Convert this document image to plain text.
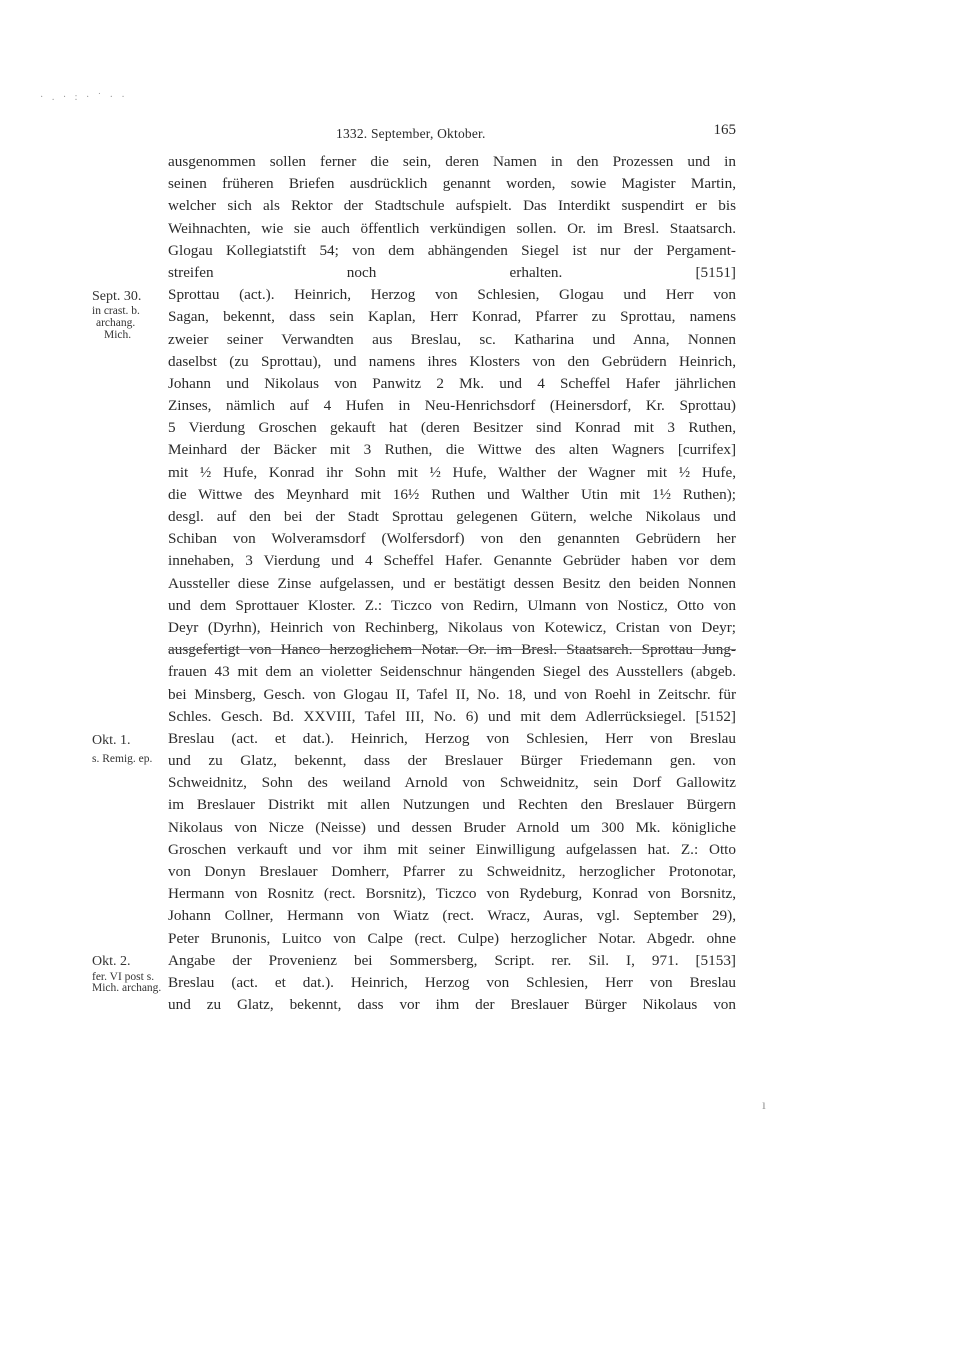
· . · : · ˙ · ·
1332. September, Oktober.	165
Sept. 30.
in crast. b.
archang.
Mich.
Okt. 1.
s. Remig. ep.
Okt. 2.
fer. VI post s.
Mich. archang.
ausgenommen sollen ferner die sein, deren Namen in den Prozessen und in
seinen früheren Briefen ausdrücklich genannt worden, sowie Magister Martin,
welcher sich als Rektor der Stadtschule aufspielt. Das Interdikt suspendirt er bis
Weihnachten, wie sie auch öffentlich verkündigen sollen. Or. im Bresl. Staatsarch.
Glogau Kollegiatstift 54; von dem abhängenden Siegel ist nur der Pergament-
streifen noch erhalten. [5151]
Sprottau (act.). Heinrich, Herzog von Schlesien, Glogau und Herr von
Sagan, bekennt, dass sein Kaplan, Herr Konrad, Pfarrer zu Sprottau, namens
zweier seiner Verwandten aus Breslau, sc. Katharina und Anna, Nonnen
daselbst (zu Sprottau), und namens ihres Klosters von den Gebrüdern Heinrich,
Johann und Nikolaus von Panwitz 2 Mk. und 4 Scheffel Hafer jährlichen
Zinses, nämlich auf 4 Hufen in Neu-Henrichsdorf (Heinersdorf, Kr. Sprottau)
5 Vierdung Groschen gekauft hat (deren Besitzer sind Konrad mit 3 Ruthen,
Meinhard der Bäcker mit 3 Ruthen, die Wittwe des alten Wagners [currifex]
mit ½ Hufe, Konrad ihr Sohn mit ½ Hufe, Walther der Wagner mit ½ Hufe,
die Wittwe des Meynhard mit 16½ Ruthen und Walther Utin mit 1½ Ruthen);
desgl. auf den bei der Stadt Sprottau gelegenen Gütern, welche Nikolaus und
Schiban von Wolveramsdorf (Wolfersdorf) von den genannten Gebrüdern her
innehaben, 3 Vierdung und 4 Scheffel Hafer. Genannte Gebrüder haben vor dem
Aussteller diese Zinse aufgelassen, und er bestätigt dessen Besitz den beiden Nonnen
und dem Sprottauer Kloster. Z.: Ticzco von Redirn, Ulmann von Nosticz, Otto von
Deyr (Dyrhn), Heinrich von Rechinberg, Nikolaus von Kotewicz, Cristan von Deyr;
ausgefertigt von Hanco herzoglichem Notar. Or. im Bresl. Staatsarch. Sprottau Jung-
frauen 43 mit dem an violetter Seidenschnur hängenden Siegel des Ausstellers (abgeb.
bei Minsberg, Gesch. von Glogau II, Tafel II, No. 18, und von Roehl in Zeitschr. für
Schles. Gesch. Bd. XXVIII, Tafel III, No. 6) und mit dem Adlerrücksiegel. [5152]
Breslau (act. et dat.). Heinrich, Herzog von Schlesien, Herr von Breslau
und zu Glatz, bekennt, dass der Breslauer Bürger Friedemann gen. von
Schweidnitz, Sohn des weiland Arnold von Schweidnitz, sein Dorf Gallowitz
im Breslauer Distrikt mit allen Nutzungen und Rechten den Breslauer Bürgern
Nikolaus von Nicze (Neisse) und dessen Bruder Arnold um 300 Mk. königliche
Groschen verkauft und vor ihm mit seiner Einwilligung aufgelassen hat. Z.: Otto
von Donyn Breslauer Domherr, Pfarrer zu Schweidnitz, herzoglicher Protonotar,
Hermann von Rosnitz (rect. Borsnitz), Ticzco von Rydeburg, Konrad von Borsnitz,
Johann Collner, Hermann von Wiatz (rect. Wracz, Auras, vgl. September 29),
Peter Brunonis, Luitco von Calpe (rect. Culpe) herzoglicher Notar. Abgedr. ohne
Angabe der Provenienz bei Sommersberg, Script. rer. Sil. I, 971. [5153]
Breslau (act. et dat.). Heinrich, Herzog von Schlesien, Herr von Breslau
und zu Glatz, bekennt, dass vor ihm der Breslauer Bürger Nikolaus von
ı
